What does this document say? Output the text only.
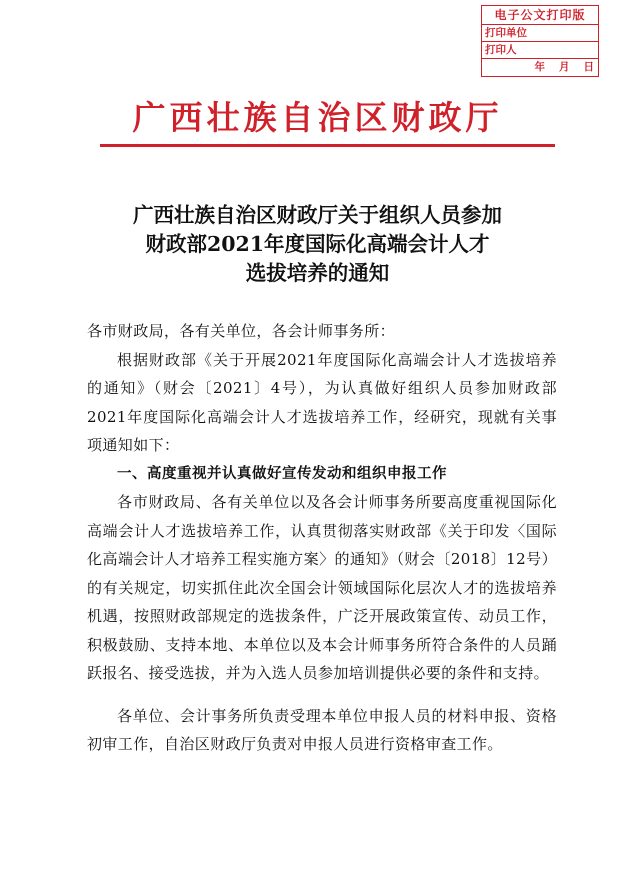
电子公文打印版
打印单位
打印人
年 月 日
广西壮族自治区财政厅
广西壮族自治区财政厅关于组织人员参加
财政部2021年度国际化高端会计人才
选拔培养的通知
各市财政局，各有关单位，各会计师事务所：
根据财政部《关于开展2021年度国际化高端会计人才选拔培养的通知》（财会〔2021〕4号），为认真做好组织人员参加财政部2021年度国际化高端会计人才选拔培养工作，经研究，现就有关事项通知如下：
一、高度重视并认真做好宣传发动和组织申报工作
各市财政局、各有关单位以及各会计师事务所要高度重视国际化高端会计人才选拔培养工作，认真贯彻落实财政部《关于印发〈国际化高端会计人才培养工程实施方案〉的通知》（财会〔2018〕12号）的有关规定，切实抓住此次全国会计领域国际化层次人才的选拔培养机遇，按照财政部规定的选拔条件，广泛开展政策宣传、动员工作，积极鼓励、支持本地、本单位以及本会计师事务所符合条件的人员踊跃报名、接受选拔，并为入选人员参加培训提供必要的条件和支持。
各单位、会计事务所负责受理本单位申报人员的材料申报、资格初审工作，自治区财政厅负责对申报人员进行资格审查工作。
